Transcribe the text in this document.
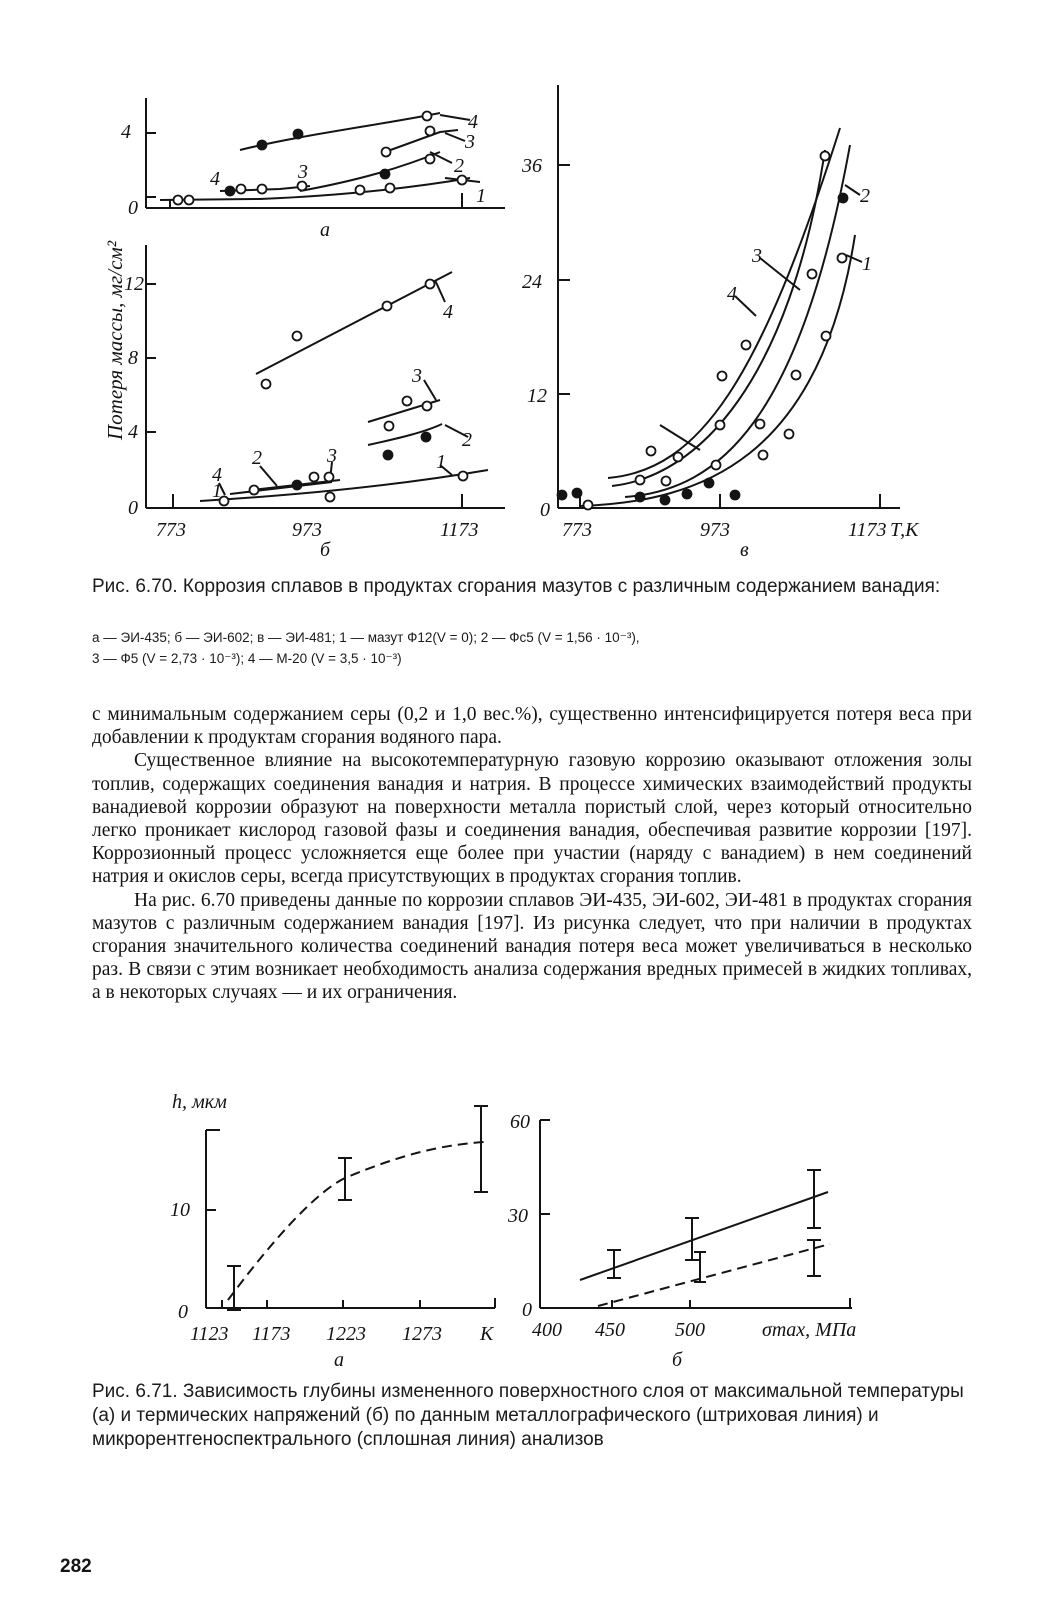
4
0
а
1
2
3
4
4	3
12
8
4
0
773	973	1173
б
1
2
3
4
1
2	3
4
Потеря массы, мг/см²
36
24
12
0
773	973	1173 Т,К
в
1
2
3
4
Рис. 6.70. Коррозия сплавов в продуктах сгорания мазутов с различным содержанием ванадия:

а — ЭИ-435; б — ЭИ-602; в — ЭИ-481; 1 — мазут Ф12(V = 0); 2 — Фс5 (V = 1,56 · 10⁻³),

3 — Ф5 (V = 2,73 · 10⁻³); 4 — М-20 (V = 3,5 · 10⁻³)

с минимальным содержанием серы (0,2 и 1,0 вес.%), существенно интенсифицируется потеря веса при добавлении к продуктам сгорания водяного пара.

Существенное влияние на высокотемпературную газовую коррозию оказывают отложения золы топлив, содержащих соединения ванадия и натрия. В процессе химических взаимодействий продукты ванадиевой коррозии образуют на поверхности металла пористый слой, через который относительно легко проникает кислород газовой фазы и соединения ванадия, обеспечивая развитие коррозии [197]. Коррозионный процесс усложняется еще более при участии (наряду с ванадием) в нем соединений натрия и окислов серы, всегда присутствующих в продуктах сгорания топлив.

На рис. 6.70 приведены данные по коррозии сплавов ЭИ-435, ЭИ-602, ЭИ-481 в продуктах сгорания мазутов с различным содержанием ванадия [197]. Из рисунка следует, что при наличии в продуктах сгорания значительного количества соединений ванадия потеря веса может увеличиваться в несколько раз. В связи с этим возникает необходимость анализа содержания вредных примесей в жидких топливах, а в некоторых случаях — и их ограничения.

h, мкм
10
0
1123 1173 1223 1273 К
а
60
30
0
400 450	500	σmax, МПа
б
Рис. 6.71. Зависимость глубины измененного поверхностного слоя от максимальной температуры (а) и термических напряжений (б) по данным металлографического (штриховая линия) и микрорентгеноспектрального (сплошная линия) анализов
282
